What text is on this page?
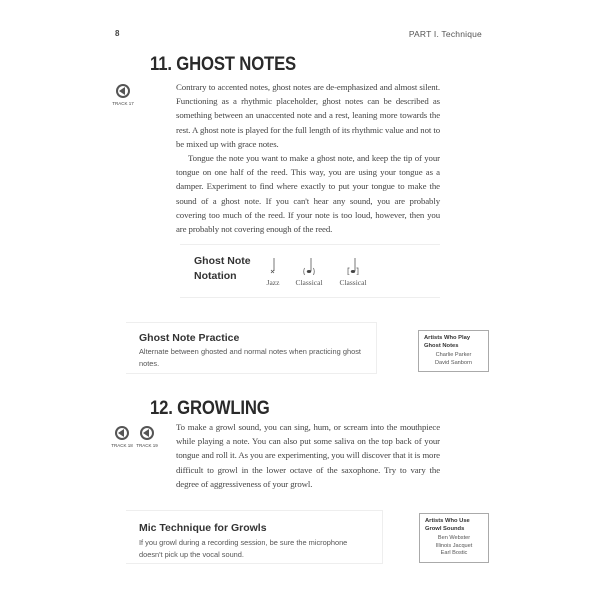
8	PART I. Technique
11. GHOST NOTES
TRACK 17

Contrary to accented notes, ghost notes are de-emphasized and almost silent. Functioning as a rhythmic placeholder, ghost notes can be described as something between an unaccented note and a rest, leaning more towards the rest. A ghost note is played for the full length of its rhythmic value and not to be mixed up with grace notes.

Tongue the note you want to make a ghost note, and keep the tip of your tongue on one half of the reed. This way, you are using your tongue as a damper. Experiment to find where exactly to put your tongue to make the sound of a ghost note. If you can't hear any sound, you are probably covering too much of the reed. If your note is too loud, however, then you are probably not covering enough of the reed.

Ghost Note
Notation
Jazz Classical Classical
Ghost Note Practice
Alternate between ghosted and normal notes when practicing ghost notes.
Artists Who Play
Ghost Notes
Charlie Parker
David Sanborn
12. GROWLING
TRACK 18 TRACK 19

To make a growl sound, you can sing, hum, or scream into the mouthpiece while playing a note. You can also put some saliva on the top back of your tongue and roll it. As you are experimenting, you will discover that it is more difficult to growl in the lower octave of the saxophone. Try to vary the degree of aggressiveness of your growl.

Mic Technique for Growls
If you growl during a recording session, be sure the microphone doesn't pick up the vocal sound.
Artists Who Use
Growl Sounds
Ben Webster
Illinois Jacquet
Earl Bostic
